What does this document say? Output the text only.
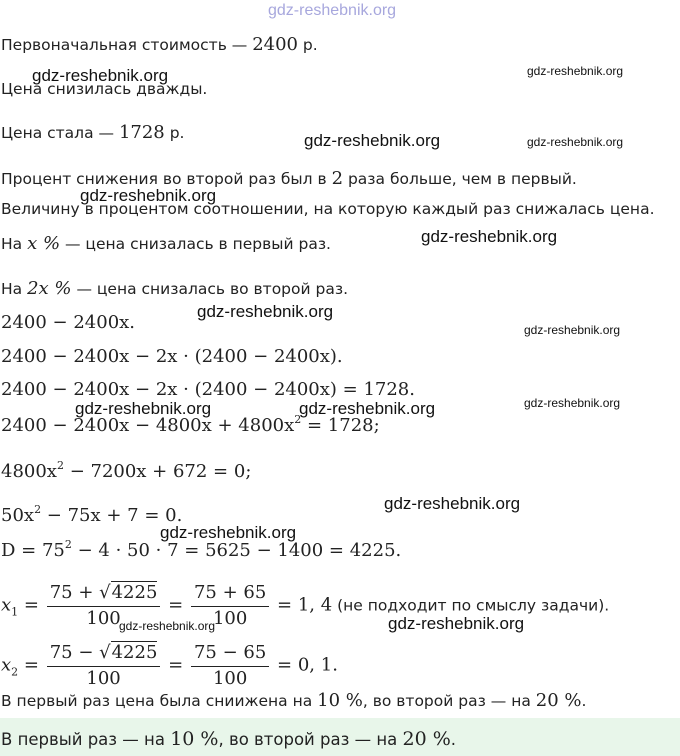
gdz-reshebnik.org
Первоначальная стоимость — 2400 р.
Цена снизилась дважды.
Цена стала — 1728 р.
Процент снижения во второй раз был в 2 раза больше, чем в первый.
Величину в процентом соотношении, на которую каждый раз снижалась цена.
На x % — цена снизалась в первый раз.
На 2x % — цена снизалась во второй раз.
2400 − 2400x.
2400 − 2400x − 2x · (2400 − 2400x).
2400 − 2400x − 2x · (2400 − 2400x) = 1728.
$2400 - 2400x - 4800x + 4800x^2 = 1728$;
$4800x^2 - 7200x + 672 = 0$;
$50x^2 - 75x + 7 = 0$.
$D = 75^2 - 4 \cdot 50 \cdot 7 = 5625 - 1400 = 4225$.
$x_1 = \frac{75 + √4225}{100} = \frac{75 + 65}{100} = 1$, 4 (не подходит по смыслу задачи).
$x_2 = \frac{75 - √4225}{100} = \frac{75 - 65}{100} = 0$, 1.
В первый раз цена была сниижена на 10 %, во второй раз — на 20 %.
В первый раз — на 10 %, во второй раз — на 20 %.
gdz-reshebnik.org	gdz-reshebnik.org
gdz-reshebnik.org	gdz-reshebnik.org
gdz-reshebnik.org
gdz-reshebnik.org
gdz-reshebnik.org
gdz-reshebnik.org
gdz-reshebnik.org	gdz-reshebnik.org	gdz-reshebnik.org
gdz-reshebnik.org
gdz-reshebnik.org
gdz-reshebnik.org	gdz-reshebnik.org
